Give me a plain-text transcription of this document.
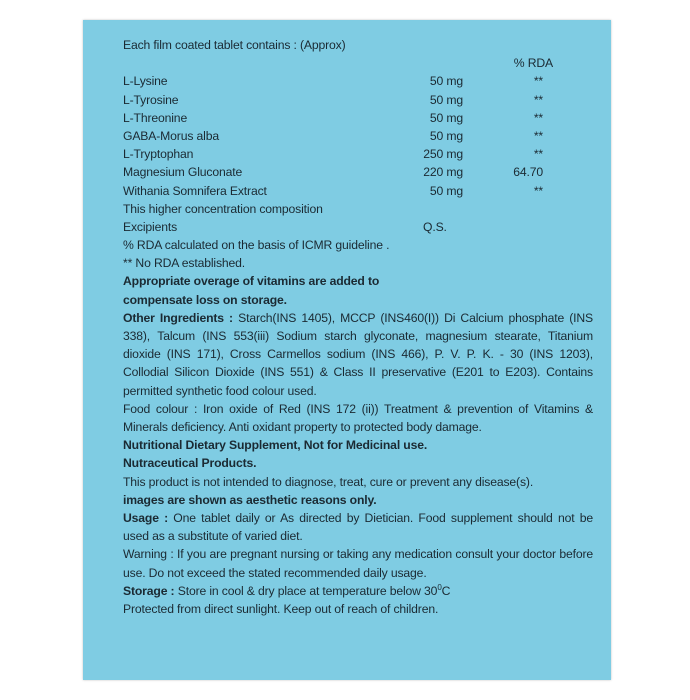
Each film coated tablet contains : (Approx)
% RDA
L-Lysine	50 mg	**
L-Tyrosine	50 mg	**
L-Threonine	50 mg	**
GABA-Morus alba	50 mg	**
L-Tryptophan	250 mg	**
Magnesium Gluconate	220 mg	64.70
Withania Somnifera Extract	50 mg	**
This higher concentration composition
Excipients	Q.S.
% RDA calculated on the basis of ICMR guideline .
** No RDA established.
Appropriate overage of vitamins are added to
compensate loss on storage.
Other Ingredients : Starch(INS 1405), MCCP (INS460(I)) Di Calcium phosphate (INS 338), Talcum (INS 553(iii) Sodium starch glyconate, magnesium stearate, Titanium dioxide (INS 171), Cross Carmellos sodium (INS 466), P. V. P. K. - 30 (INS 1203), Collodial Silicon Dioxide (INS 551) & Class II preservative (E201 to E203). Contains permitted synthetic food colour used.
Food colour : Iron oxide of Red (INS 172 (ii)) Treatment & prevention of Vitamins & Minerals deficiency. Anti oxidant property to protected body damage.
Nutritional Dietary Supplement, Not for Medicinal use.
Nutraceutical Products.
This product is not intended to diagnose, treat, cure or prevent any disease(s).
images are shown as aesthetic reasons only.
Usage : One tablet daily or As directed by Dietician. Food supplement should not be used as a substitute of varied diet.
Warning : If you are pregnant nursing or taking any medication consult your doctor before use. Do not exceed the stated recommended daily usage.
Storage : Store in cool & dry place at temperature below $30^0C$
Protected from direct sunlight. Keep out of reach of children.
